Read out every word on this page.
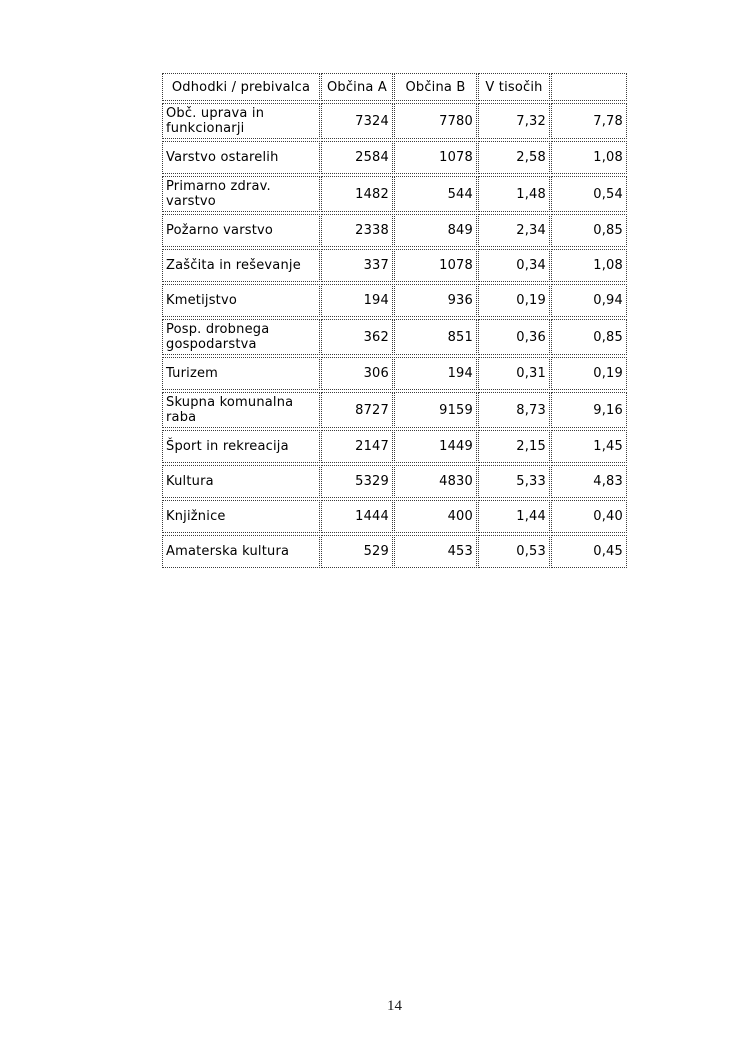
Odhodki / prebivalca	Občina A	Občina B	V tisočih	
Obč. uprava in funkcionarji	7324	7780	7,32	7,78
Varstvo ostarelih	2584	1078	2,58	1,08
Primarno zdrav. varstvo	1482	544	1,48	0,54
Požarno varstvo	2338	849	2,34	0,85
Zaščita in reševanje	337	1078	0,34	1,08
Kmetijstvo	194	936	0,19	0,94
Posp. drobnega gospodarstva	362	851	0,36	0,85
Turizem	306	194	0,31	0,19
Skupna komunalna raba	8727	9159	8,73	9,16
Šport in rekreacija	2147	1449	2,15	1,45
Kultura	5329	4830	5,33	4,83
Knjižnice	1444	400	1,44	0,40
Amaterska kultura	529	453	0,53	0,45
14
